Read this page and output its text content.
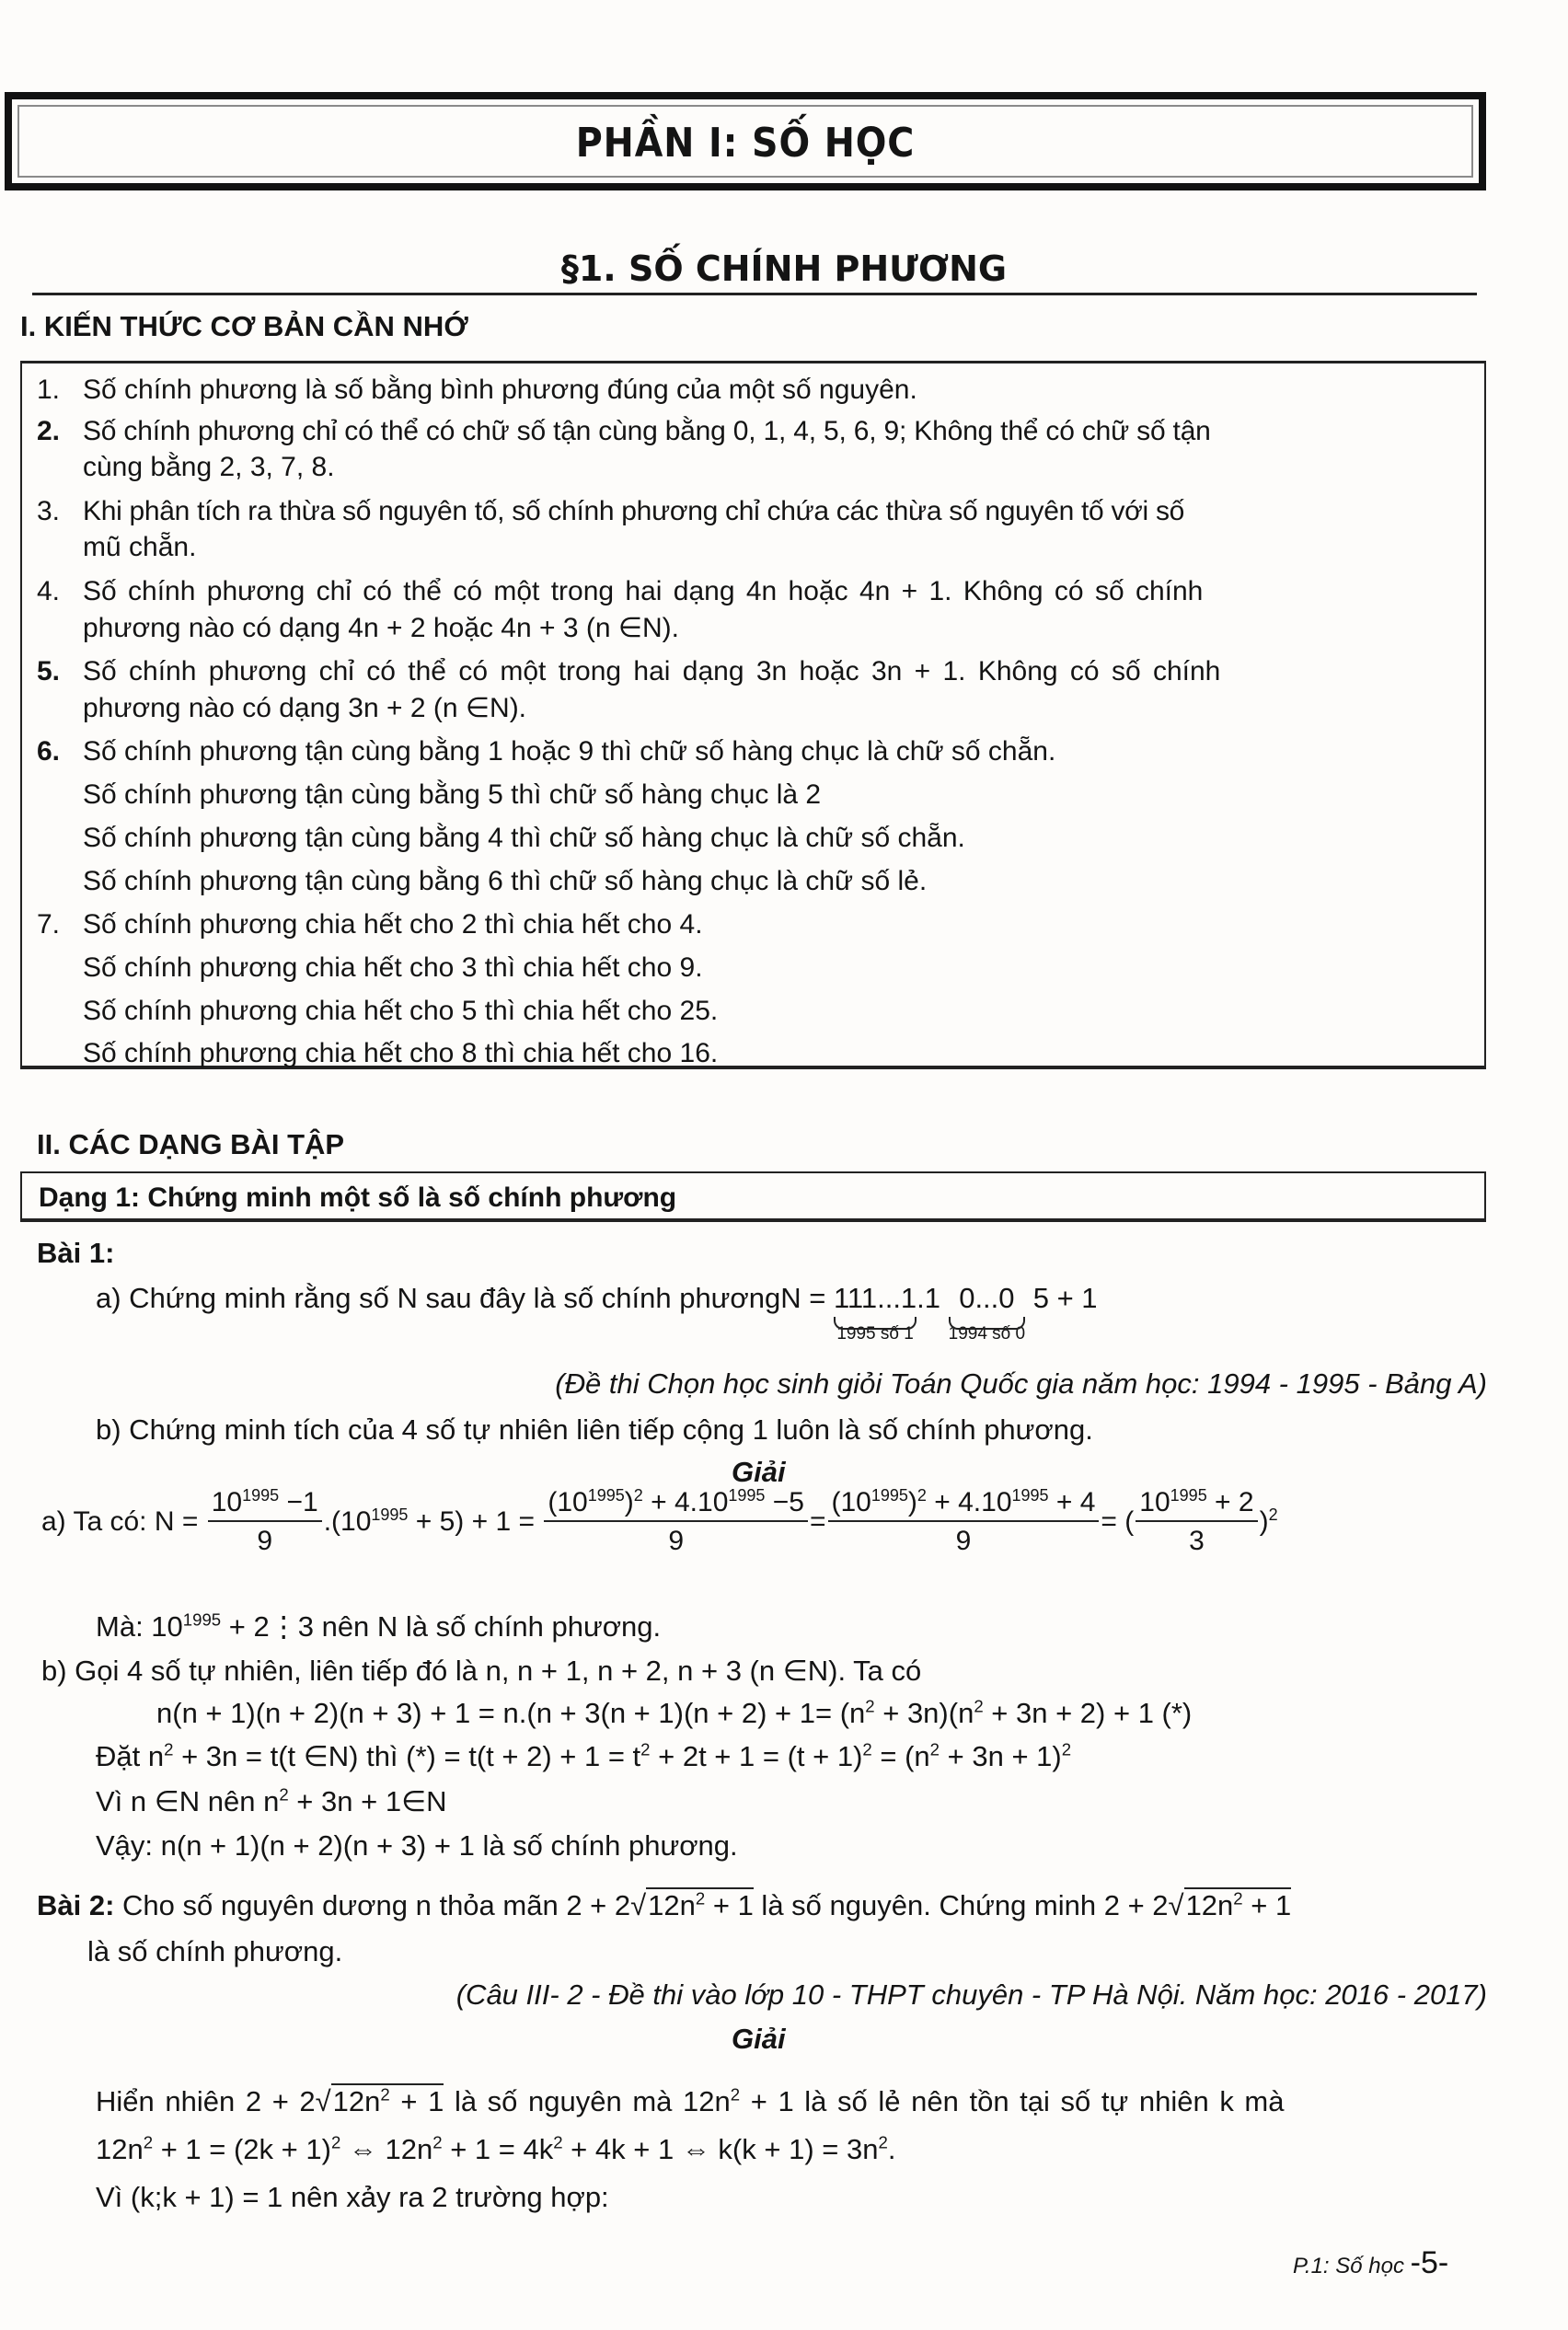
PHẦN I: SỐ HỌC
§1. SỐ CHÍNH PHƯƠNG
I. KIẾN THỨC CƠ BẢN CẦN NHỚ
1. Số chính phương là số bằng bình phương đúng của một số nguyên.
2. Số chính phương chỉ có thể có chữ số tận cùng bằng 0, 1, 4, 5, 6, 9; Không thể có chữ số tận
cùng bằng 2, 3, 7, 8.
3. Khi phân tích ra thừa số nguyên tố, số chính phương chỉ chứa các thừa số nguyên tố với số
mũ chẵn.
4. Số chính phương chỉ có thể có một trong hai dạng 4n hoặc 4n + 1. Không có số chính
phương nào có dạng 4n + 2 hoặc 4n + 3 (n ∈N).
5. Số chính phương chỉ có thể có một trong hai dạng 3n hoặc 3n + 1. Không có số chính
phương nào có dạng 3n + 2 (n ∈N).
6. Số chính phương tận cùng bằng 1 hoặc 9 thì chữ số hàng chục là chữ số chẵn.
Số chính phương tận cùng bằng 5 thì chữ số hàng chục là 2
Số chính phương tận cùng bằng 4 thì chữ số hàng chục là chữ số chẵn.
Số chính phương tận cùng bằng 6 thì chữ số hàng chục là chữ số lẻ.
7. Số chính phương chia hết cho 2 thì chia hết cho 4.
Số chính phương chia hết cho 3 thì chia hết cho 9.
Số chính phương chia hết cho 5 thì chia hết cho 25.
Số chính phương chia hết cho 8 thì chia hết cho 16.
II. CÁC DẠNG BÀI TẬP
Dạng 1: Chứng minh một số là số chính phương
Bài 1:
a) Chứng minh rằng số N sau đây là số chính phươngN = 111...1
1995 số 1
.1 0...0
1994 số 0
5 + 1
(Đề thi Chọn học sinh giỏi Toán Quốc gia năm học: 1994 - 1995 - Bảng A)
b) Chứng minh tích của 4 số tự nhiên liên tiếp cộng 1 luôn là số chính phương.
Giải
a) Ta có: $N = \frac{10^{1995} -1}{9} .(10^{1995} + 5) + 1 = \frac{(10^{1995})^2 + 4.10^{1995} -5}{9} = \frac{(10^{1995})^2 + 4.10^{1995} + 4}{9}$ = ( $\frac{10^{1995} + 2}{3} )^2$
Mà: $10^{1995}$ + 2⋮3 nên N là số chính phương.
b) Gọi 4 số tự nhiên, liên tiếp đó là n, n + 1, n + 2, n + 3 (n ∈N). Ta có
$n(n + 1)(n + 2)(n + 3) + 1 = n.(n + 3(n + 1)(n + 2) + 1= (n^2 + 3n)(n^2 + 3n + 2) + 1$ (*)
Đặt $n^2 + 3n = t(t$ ∈N) thì (*) = $t(t + 2) + 1 = t^2 + 2t + 1 = (t + 1)^2 = (n^2 + 3n + 1)^2$
Vì n ∈N nên $n^2 + 3n$ + 1∈N
Vậy: n(n + 1)(n + 2)(n + 3) + 1 là số chính phương.
Bài 2: Cho số nguyên dương n thỏa mãn $2 + 2√12n^2 + 1$ là số nguyên. Chứng minh $2 + 2√12n^2 + 1$
là số chính phương.
(Câu III- 2 - Đề thi vào lớp 10 - THPT chuyên - TP Hà Nội. Năm học: 2016 - 2017)
Giải
Hiển nhiên $2 + 2√12n^2 + 1$ là số nguyên mà $12n^2 + 1$ là số lẻ nên tồn tại số tự nhiên k mà
$12n^2 + 1 = (2k + 1)^2$ ⇔ $12n^2 + 1 = 4k^2 + 4k + 1$ ⇔ $k(k + 1) = 3n^2$.
Vì (k;k + 1) = 1 nên xảy ra 2 trường hợp:
P.1: Số học -5-
